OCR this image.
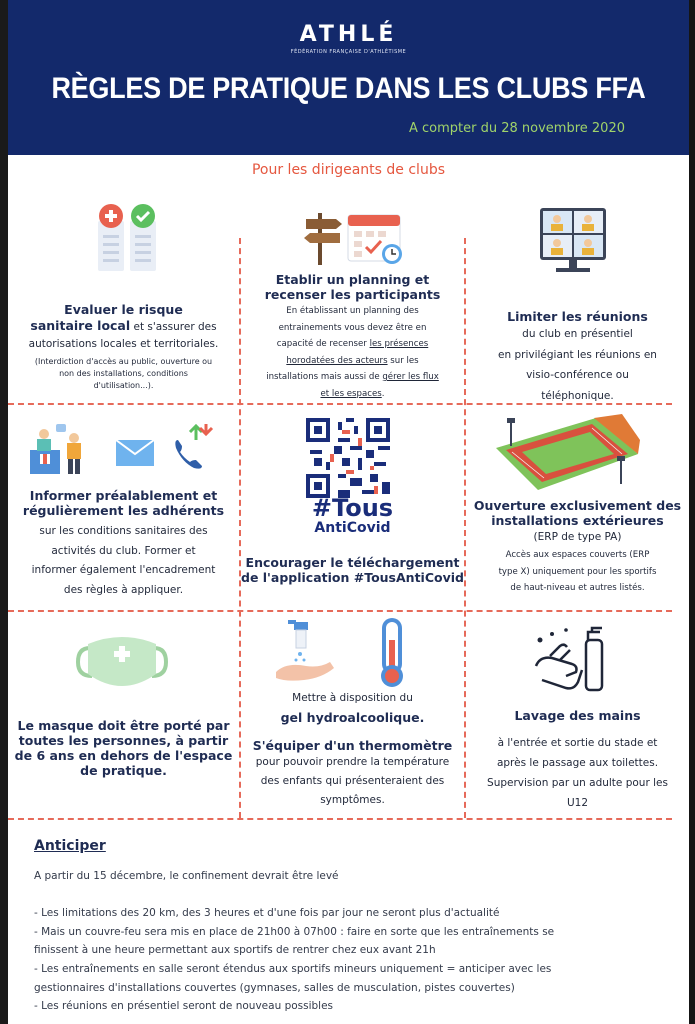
ATHLÉ
FÉDÉRATION FRANÇAISE D'ATHLÉTISME
RÈGLES DE PRATIQUE DANS LES CLUBS FFA
A compter du 28 novembre 2020
Pour les dirigeants de clubs
Evaluer le risque
sanitaire local et s'assurer des
autorisations locales et territoriales.
(Interdiction d'accès au public, ouverture ou
non des installations, conditions
d'utilisation...).
Etablir un planning et
recenser les participants
En établissant un planning des
entrainements vous devez être en
capacité de recenser les présences
horodatées des acteurs sur les
installations mais aussi de gérer les flux
et les espaces.
Limiter les réunions
du club en présentiel
en privilégiant les réunions en
visio-conférence ou
téléphonique.
Informer préalablement et
régulièrement les adhérents
sur les conditions sanitaires des
activités du club. Former et
informer également l'encadrement
des règles à appliquer.
#Tous
AntiCovid
Encourager le téléchargement
de l'application #TousAntiCovid
Ouverture exclusivement des
installations extérieures
(ERP de type PA)
Accès aux espaces couverts (ERP
type X) uniquement pour les sportifs
de haut-niveau et autres listés.
Le masque doit être porté par
toutes les personnes, à partir
de 6 ans en dehors de l'espace
de pratique.
Mettre à disposition du
gel hydroalcoolique.
S'équiper d'un thermomètre
pour pouvoir prendre la température
des enfants qui présenteraient des
symptômes.
Lavage des mains
à l'entrée et sortie du stade et
après le passage aux toilettes.
Supervision par un adulte pour les
U12
Anticiper
A partir du 15 décembre, le confinement devrait être levé
- Les limitations des 20 km, des 3 heures et d'une fois par jour ne seront plus d'actualité
- Mais un couvre-feu sera mis en place de 21h00 à 07h00 : faire en sorte que les entraînements se
finissent à une heure permettant aux sportifs de rentrer chez eux avant 21h
- Les entraînements en salle seront étendus aux sportifs mineurs uniquement = anticiper avec les
gestionnaires d'installations couvertes (gymnases, salles de musculation, pistes couvertes)
- Les réunions en présentiel seront de nouveau possibles
